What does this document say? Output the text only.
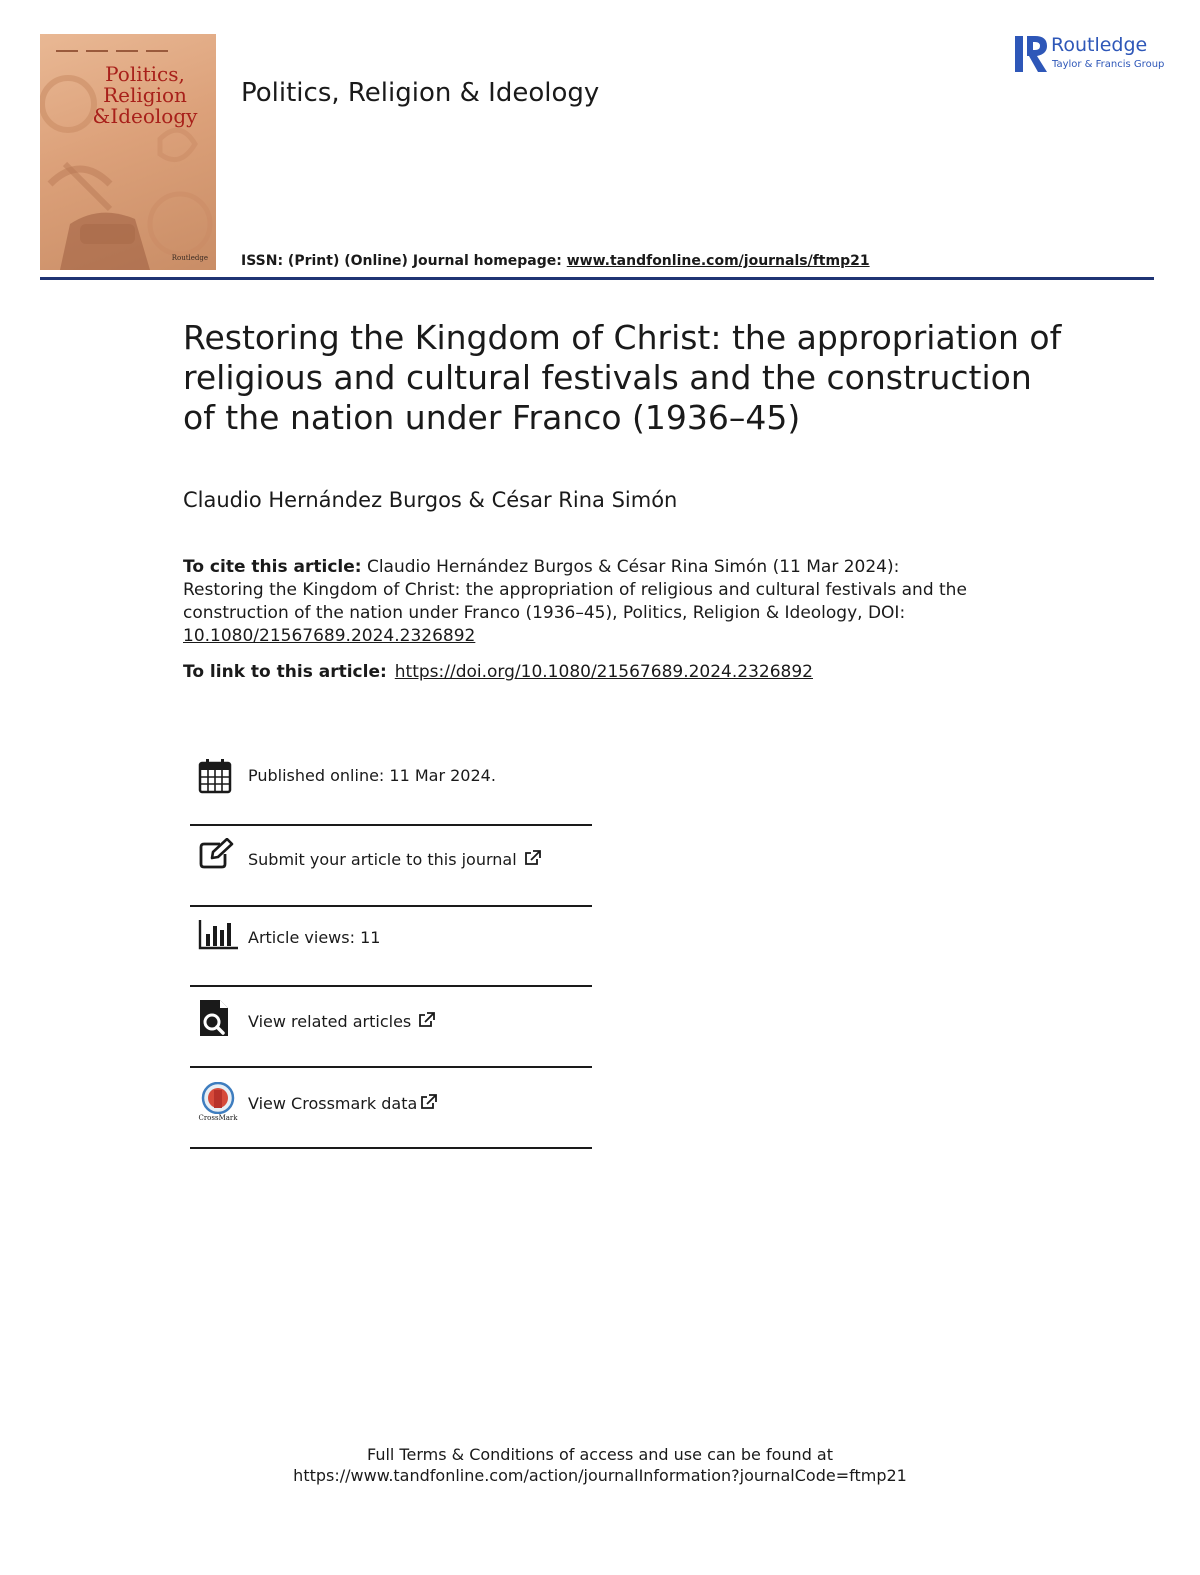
Politics,
Religion
&Ideology
Routledge
Politics, Religion & Ideology
ISSN: (Print) (Online) Journal homepage: www.tandfonline.com/journals/ftmp21
Routledge
Taylor & Francis Group
Restoring the Kingdom of Christ: the appropriation of religious and cultural festivals and the construction of the nation under Franco (1936–45)
Claudio Hernández Burgos & César Rina Simón
To cite this article: Claudio Hernández Burgos & César Rina Simón (11 Mar 2024): Restoring the Kingdom of Christ: the appropriation of religious and cultural festivals and the construction of the nation under Franco (1936–45), Politics, Religion & Ideology, DOI: 10.1080/21567689.2024.2326892
To link to this article: https://doi.org/10.1080/21567689.2024.2326892
Published online: 11 Mar 2024.
Submit your article to this journal
Article views: 11
View related articles
CrossMark
View Crossmark data
Full Terms & Conditions of access and use can be found at
https://www.tandfonline.com/action/journalInformation?journalCode=ftmp21
